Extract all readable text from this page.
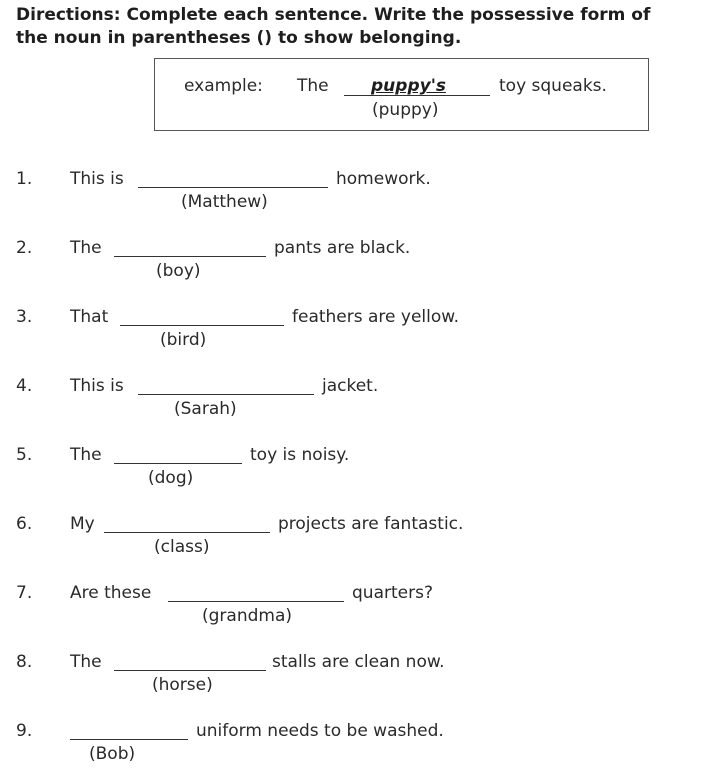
Directions: Complete each sentence. Write the possessive form of
the noun in parentheses () to show belonging.
example: The puppy's	toy squeaks.
(puppy)
1. This is	homework.
(Matthew)
2. The	pants are black.
(boy)
3. That	feathers are yellow.
(bird)
4. This is	jacket.
(Sarah)
5. The	toy is noisy.
(dog)
6. My	projects are fantastic.
(class)
7. Are these	quarters?
(grandma)
8. The	stalls are clean now.
(horse)
9.	uniform needs to be washed.
(Bob)
